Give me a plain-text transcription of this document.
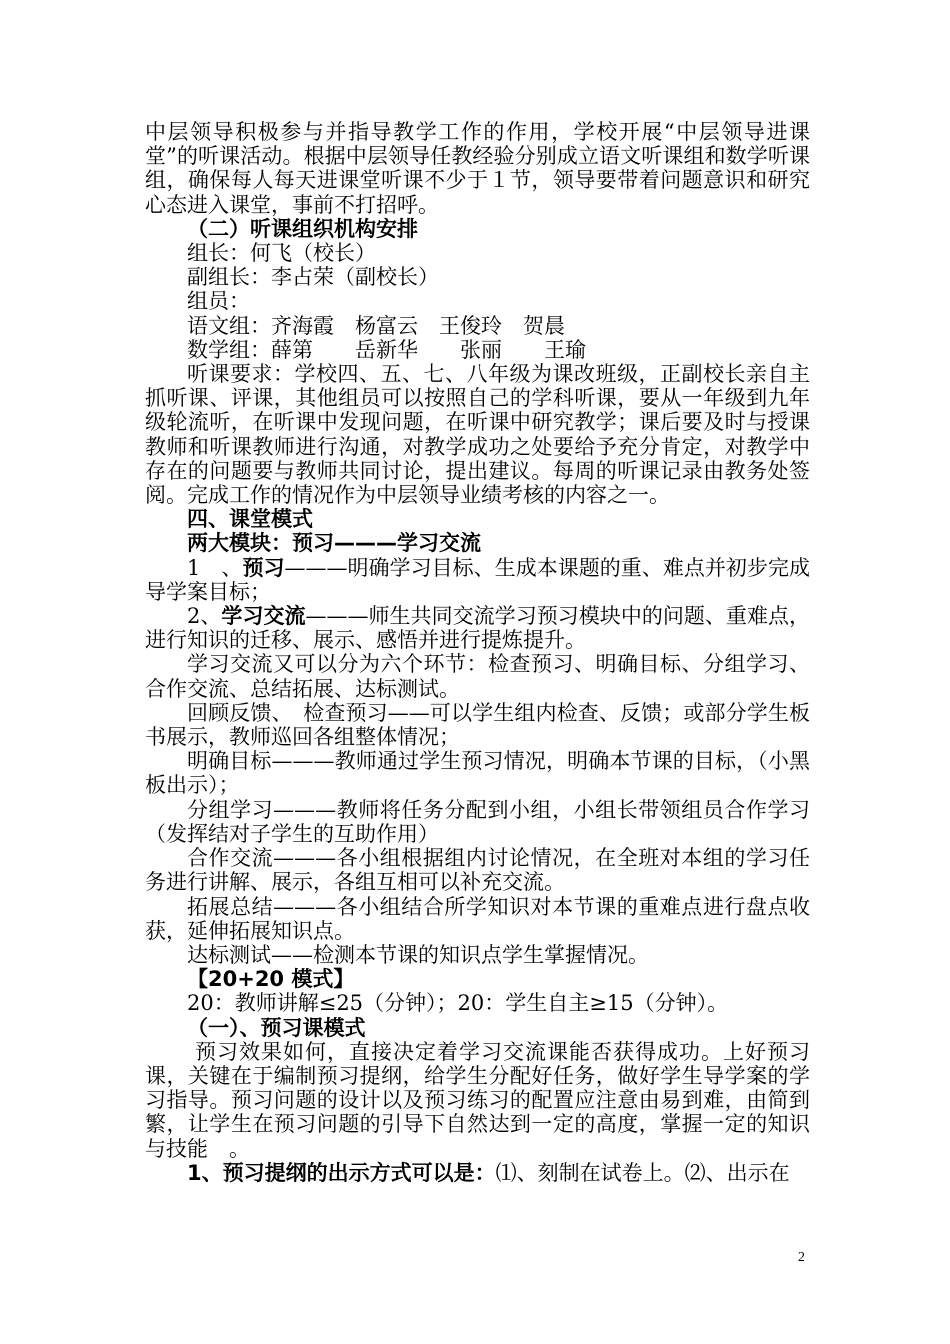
中层领导积极参与并指导教学工作的作用，学校开展“中层领导进课堂”的听课活动。根据中层领导任教经验分别成立语文听课组和数学听课组，确保每人每天进课堂听课不少于１节，领导要带着问题意识和研究心态进入课堂，事前不打招呼。

（二）听课组织机构安排

组长：何飞（校长）

副组长：李占荣（副校长）

组员：

语文组：齐海霞　杨富云　王俊玲　贺晨

数学组：薛第　　岳新华　　张丽　　王瑜

听课要求：学校四、五、七、八年级为课改班级，正副校长亲自主抓听课、评课，其他组员可以按照自己的学科听课，要从一年级到九年级轮流听，在听课中发现问题，在听课中研究教学；课后要及时与授课教师和听课教师进行沟通，对教学成功之处要给予充分肯定，对教学中存在的问题要与教师共同讨论，提出建议。每周的听课记录由教务处签阅。完成工作的情况作为中层领导业绩考核的内容之一。

四、课堂模式

两大模块：预习———学习交流

1　、预习———明确学习目标、生成本课题的重、难点并初步完成导学案目标；

2、学习交流———师生共同交流学习预习模块中的问题、重难点，进行知识的迁移、展示、感悟并进行提炼提升。

学习交流又可以分为六个环节：检查预习、明确目标、分组学习、合作交流、总结拓展、达标测试。

回顾反馈、　检查预习——可以学生组内检查、反馈；或部分学生板书展示，教师巡回各组整体情况；

明确目标———教师通过学生预习情况，明确本节课的目标，（小黑板出示）；

分组学习———教师将任务分配到小组，小组长带领组员合作学习（发挥结对子学生的互助作用）

合作交流———各小组根据组内讨论情况，在全班对本组的学习任务进行讲解、展示，各组互相可以补充交流。

拓展总结———各小组结合所学知识对本节课的重难点进行盘点收获，延伸拓展知识点。

达标测试——检测本节课的知识点学生掌握情况。

【20+20 模式】

20：教师讲解≤25（分钟）；20：学生自主≥15（分钟）。

（一）、预习课模式

预习效果如何，直接决定着学习交流课能否获得成功。上好预习课，关键在于编制预习提纲，给学生分配好任务，做好学生导学案的学习指导。预习问题的设计以及预习练习的配置应注意由易到难，由简到繁，让学生在预习问题的引导下自然达到一定的高度，掌握一定的知识与技能　。

1、预习提纲的出示方式可以是：⑴、刻制在试卷上。⑵、出示在

2
